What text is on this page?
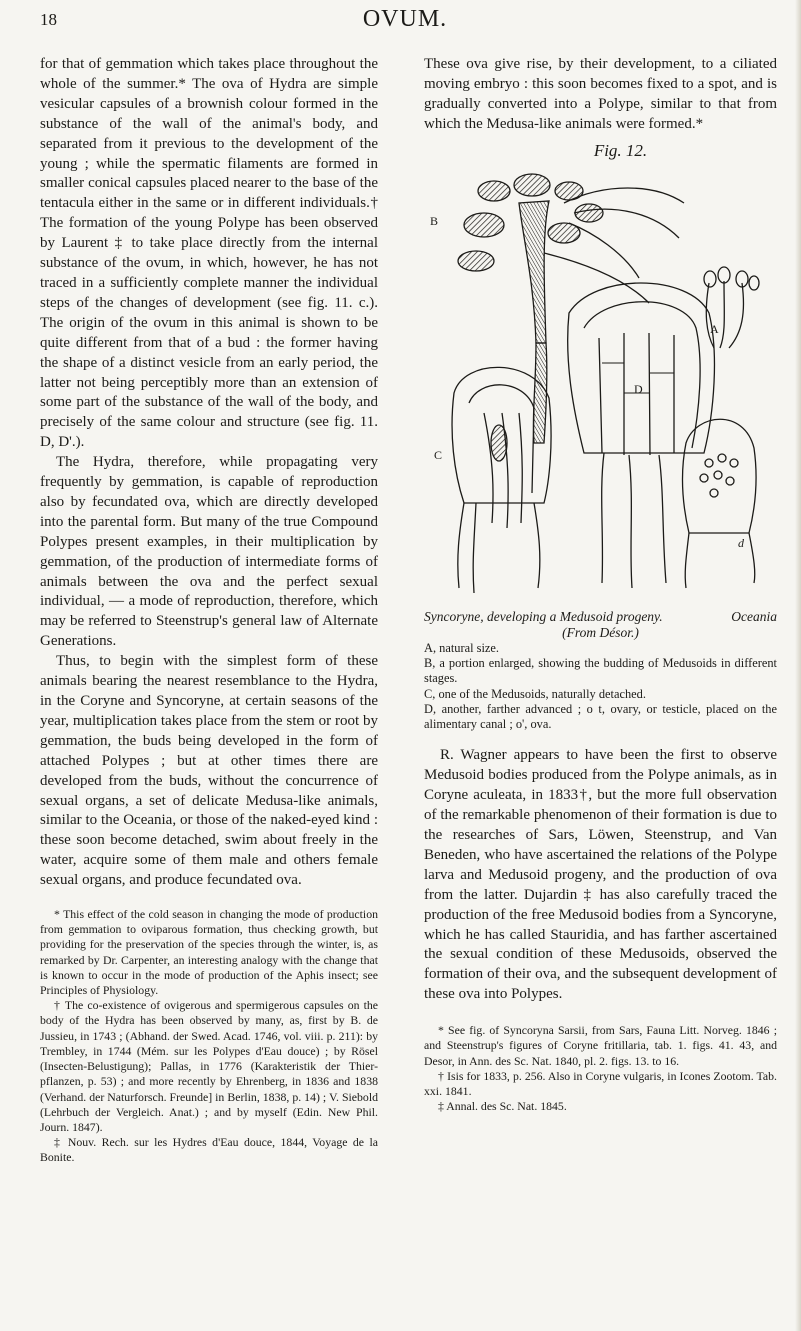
18	OVUM.

for that of gemmation which takes place throughout the whole of the summer.* The ova of Hydra are simple vesicular capsules of a brownish colour formed in the substance of the wall of the animal's body, and separated from it previous to the development of the young ; while the spermatic filaments are formed in smaller conical capsules placed nearer to the base of the tentacula either in the same or in different individuals.† The formation of the young Polype has been observed by Laurent ‡ to take place directly from the internal substance of the ovum, in which, however, he has not traced in a sufficiently complete manner the individual steps of the changes of development (see fig. 11. c.). The origin of the ovum in this animal is shown to be quite different from that of a bud : the former having the shape of a distinct vesicle from an early period, the latter not being perceptibly more than an extension of some part of the substance of the wall of the body, and precisely of the same colour and structure (see fig. 11. D, D'.).

The Hydra, therefore, while propagating very frequently by gemmation, is capable of reproduction also by fecundated ova, which are directly developed into the parental form. But many of the true Compound Polypes present examples, in their multiplication by gemmation, of the production of intermediate forms of animals between the ova and the perfect sexual individual, — a mode of reproduction, therefore, which may be referred to Steenstrup's general law of Alternate Generations.

Thus, to begin with the simplest form of these animals bearing the nearest resemblance to the Hydra, in the Coryne and Syncoryne, at certain seasons of the year, multiplication takes place from the stem or root by gemmation, the buds being developed in the form of attached Polypes ; but at other times there are developed from the buds, without the concurrence of sexual organs, a set of delicate Medusa-like animals, similar to the Oceania, or those of the naked-eyed kind : these soon become detached, swim about freely in the water, acquire some of them male and others female sexual organs, and produce fecundated ova.

* This effect of the cold season in changing the mode of production from gemmation to oviparous formation, thus checking growth, but providing for the preservation of the species through the winter, is, as remarked by Dr. Carpenter, an interesting analogy with the change that is known to occur in the mode of production of the Aphis insect; see Principles of Physiology.

† The co-existence of ovigerous and spermigerous capsules on the body of the Hydra has been observed by many, as, first by B. de Jussieu, in 1743 ; (Abhand. der Swed. Acad. 1746, vol. viii. p. 211): by Trembley, in 1744 (Mém. sur les Polypes d'Eau douce) ; by Rösel (Insecten-Belustigung); Pallas, in 1776 (Karakteristik der Thier-pflanzen, p. 53) ; and more recently by Ehrenberg, in 1836 and 1838 (Verhand. der Naturforsch. Freunde] in Berlin, 1838, p. 14) ; V. Siebold (Lehrbuch der Vergleich. Anat.) ; and by myself (Edin. New Phil. Journ. 1847).

‡ Nouv. Rech. sur les Hydres d'Eau douce, 1844, Voyage de la Bonite.

These ova give rise, by their development, to a ciliated moving embryo : this soon becomes fixed to a spot, and is gradually converted into a Polype, similar to that from which the Medusa-like animals were formed.*

Fig. 12.
B
A
D
C
d
Syncoryne, developing a Medusoid progeny.	Oceania
(From Désor.)

A, natural size.

B, a portion enlarged, showing the budding of Medusoids in different stages.

C, one of the Medusoids, naturally detached.

D, another, farther advanced ; o t, ovary, or testicle, placed on the alimentary canal ; o', ova.

R. Wagner appears to have been the first to observe Medusoid bodies produced from the Polype animals, as in Coryne aculeata, in 1833†, but the more full observation of the remarkable phenomenon of their formation is due to the researches of Sars, Löwen, Steenstrup, and Van Beneden, who have ascertained the relations of the Polype larva and Medusoid progeny, and the production of ova from the latter. Dujardin ‡ has also carefully traced the production of the free Medusoid bodies from a Syncoryne, which he has called Stauridia, and has farther ascertained the sexual condition of these Medusoids, observed the formation of their ova, and the subsequent development of these ova into Polypes.

* See fig. of Syncoryna Sarsii, from Sars, Fauna Litt. Norveg. 1846 ; and Steenstrup's figures of Coryne fritillaria, tab. 1. figs. 41. 43, and Desor, in Ann. des Sc. Nat. 1840, pl. 2. figs. 13. to 16.

† Isis for 1833, p. 256. Also in Coryne vulgaris, in Icones Zootom. Tab. xxi. 1841.

‡ Annal. des Sc. Nat. 1845.
